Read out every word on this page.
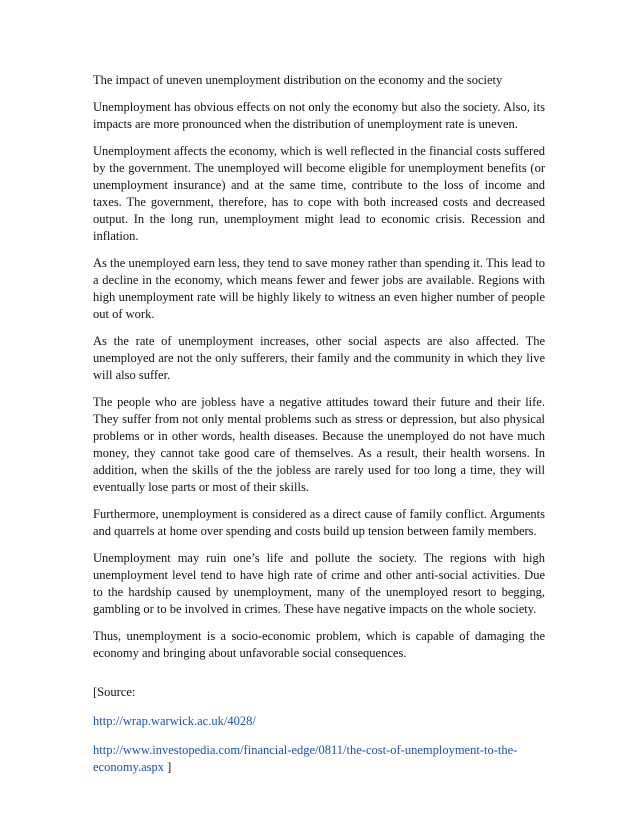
The impact of uneven unemployment distribution on the economy and the society

Unemployment has obvious effects on not only the economy but also the society. Also, its impacts are more pronounced when the distribution of unemployment rate is uneven.

Unemployment affects the economy, which is well reflected in the financial costs suffered by the government. The unemployed will become eligible for unemployment benefits (or unemployment insurance) and at the same time, contribute to the loss of income and taxes. The government, therefore, has to cope with both increased costs and decreased output. In the long run, unemployment might lead to economic crisis. Recession and inflation.

As the unemployed earn less, they tend to save money rather than spending it. This lead to a decline in the economy, which means fewer and fewer jobs are available. Regions with high unemployment rate will be highly likely to witness an even higher number of people out of work.

As the rate of unemployment increases, other social aspects are also affected. The unemployed are not the only sufferers, their family and the community in which they live will also suffer.

The people who are jobless have a negative attitudes toward their future and their life. They suffer from not only mental problems such as stress or depression, but also physical problems or in other words, health diseases. Because the unemployed do not have much money, they cannot take good care of themselves. As a result, their health worsens. In addition, when the skills of the the jobless are rarely used for too long a time, they will eventually lose parts or most of their skills.

Furthermore, unemployment is considered as a direct cause of family conflict. Arguments and quarrels at home over spending and costs build up tension between family members.

Unemployment may ruin one’s life and pollute the society. The regions with high unemployment level tend to have high rate of crime and other anti-social activities. Due to the hardship caused by unemployment, many of the unemployed resort to begging, gambling or to be involved in crimes. These have negative impacts on the whole society.

Thus, unemployment is a socio-economic problem, which is capable of damaging the economy and bringing about unfavorable social consequences.

[Source:

http://wrap.warwick.ac.uk/4028/

http://www.investopedia.com/financial-edge/0811/the-cost-of-unemployment-to-the-economy.aspx ]
